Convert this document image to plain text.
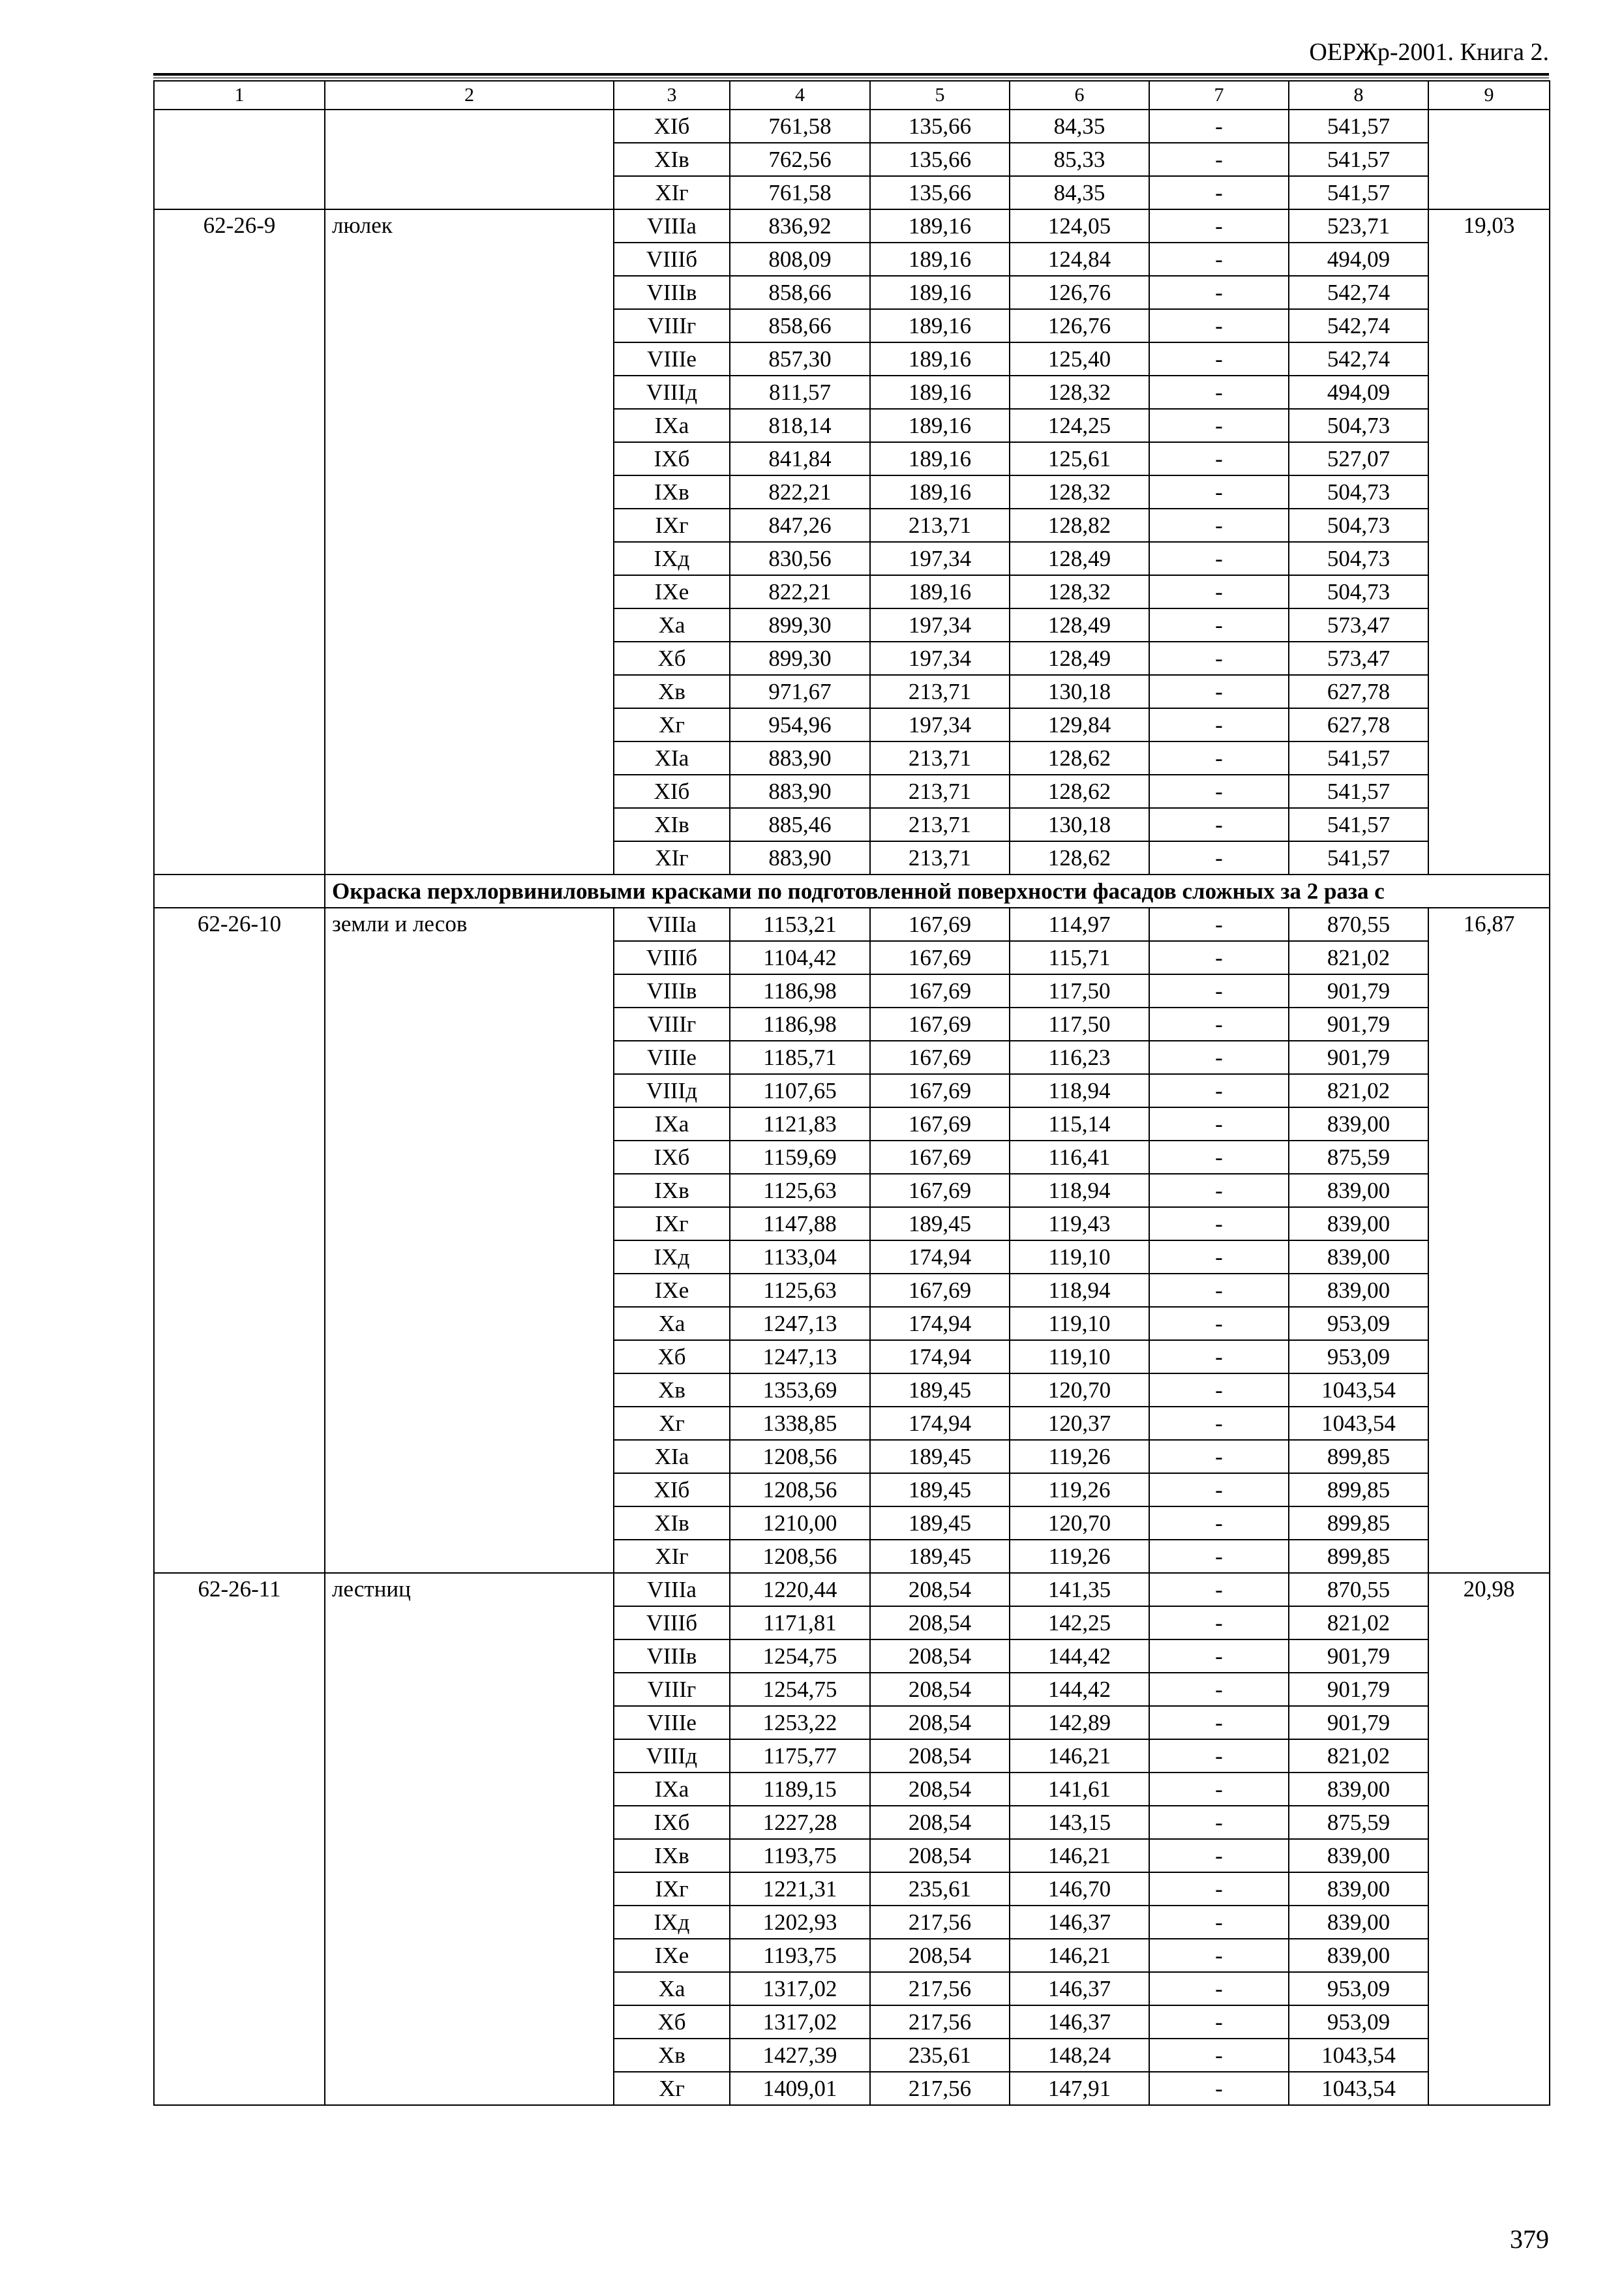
ОЕРЖр-2001. Книга 2.
1	2	3	4	5	6	7	8	9
		XIб	761,58	135,66	84,35	-	541,57	
		XIв	762,56	135,66	85,33	-	541,57	
		XIг	761,58	135,66	84,35	-	541,57	
62-26-9	люлек	VIIIа	836,92	189,16	124,05	-	523,71	19,03
		VIIIб	808,09	189,16	124,84	-	494,09	
		VIIIв	858,66	189,16	126,76	-	542,74	
		VIIIг	858,66	189,16	126,76	-	542,74	
		VIIIе	857,30	189,16	125,40	-	542,74	
		VIIIд	811,57	189,16	128,32	-	494,09	
		IXа	818,14	189,16	124,25	-	504,73	
		IXб	841,84	189,16	125,61	-	527,07	
		IXв	822,21	189,16	128,32	-	504,73	
		IXг	847,26	213,71	128,82	-	504,73	
		IXд	830,56	197,34	128,49	-	504,73	
		IXе	822,21	189,16	128,32	-	504,73	
		Xа	899,30	197,34	128,49	-	573,47	
		Xб	899,30	197,34	128,49	-	573,47	
		Xв	971,67	213,71	130,18	-	627,78	
		Xг	954,96	197,34	129,84	-	627,78	
		XIа	883,90	213,71	128,62	-	541,57	
		XIб	883,90	213,71	128,62	-	541,57	
		XIв	885,46	213,71	130,18	-	541,57	
		XIг	883,90	213,71	128,62	-	541,57	
	Окраска перхлорвиниловыми красками по подготовленной поверхности фасадов сложных за 2 раза с							
62-26-10	земли и лесов	VIIIа	1153,21	167,69	114,97	-	870,55	16,87
		VIIIб	1104,42	167,69	115,71	-	821,02	
		VIIIв	1186,98	167,69	117,50	-	901,79	
		VIIIг	1186,98	167,69	117,50	-	901,79	
		VIIIе	1185,71	167,69	116,23	-	901,79	
		VIIIд	1107,65	167,69	118,94	-	821,02	
		IXа	1121,83	167,69	115,14	-	839,00	
		IXб	1159,69	167,69	116,41	-	875,59	
		IXв	1125,63	167,69	118,94	-	839,00	
		IXг	1147,88	189,45	119,43	-	839,00	
		IXд	1133,04	174,94	119,10	-	839,00	
		IXе	1125,63	167,69	118,94	-	839,00	
		Xа	1247,13	174,94	119,10	-	953,09	
		Xб	1247,13	174,94	119,10	-	953,09	
		Xв	1353,69	189,45	120,70	-	1043,54	
		Xг	1338,85	174,94	120,37	-	1043,54	
		XIа	1208,56	189,45	119,26	-	899,85	
		XIб	1208,56	189,45	119,26	-	899,85	
		XIв	1210,00	189,45	120,70	-	899,85	
		XIг	1208,56	189,45	119,26	-	899,85	
62-26-11	лестниц	VIIIа	1220,44	208,54	141,35	-	870,55	20,98
		VIIIб	1171,81	208,54	142,25	-	821,02	
		VIIIв	1254,75	208,54	144,42	-	901,79	
		VIIIг	1254,75	208,54	144,42	-	901,79	
		VIIIе	1253,22	208,54	142,89	-	901,79	
		VIIIд	1175,77	208,54	146,21	-	821,02	
		IXа	1189,15	208,54	141,61	-	839,00	
		IXб	1227,28	208,54	143,15	-	875,59	
		IXв	1193,75	208,54	146,21	-	839,00	
		IXг	1221,31	235,61	146,70	-	839,00	
		IXд	1202,93	217,56	146,37	-	839,00	
		IXе	1193,75	208,54	146,21	-	839,00	
		Xа	1317,02	217,56	146,37	-	953,09	
		Xб	1317,02	217,56	146,37	-	953,09	
		Xв	1427,39	235,61	148,24	-	1043,54	
		Xг	1409,01	217,56	147,91	-	1043,54	
379
